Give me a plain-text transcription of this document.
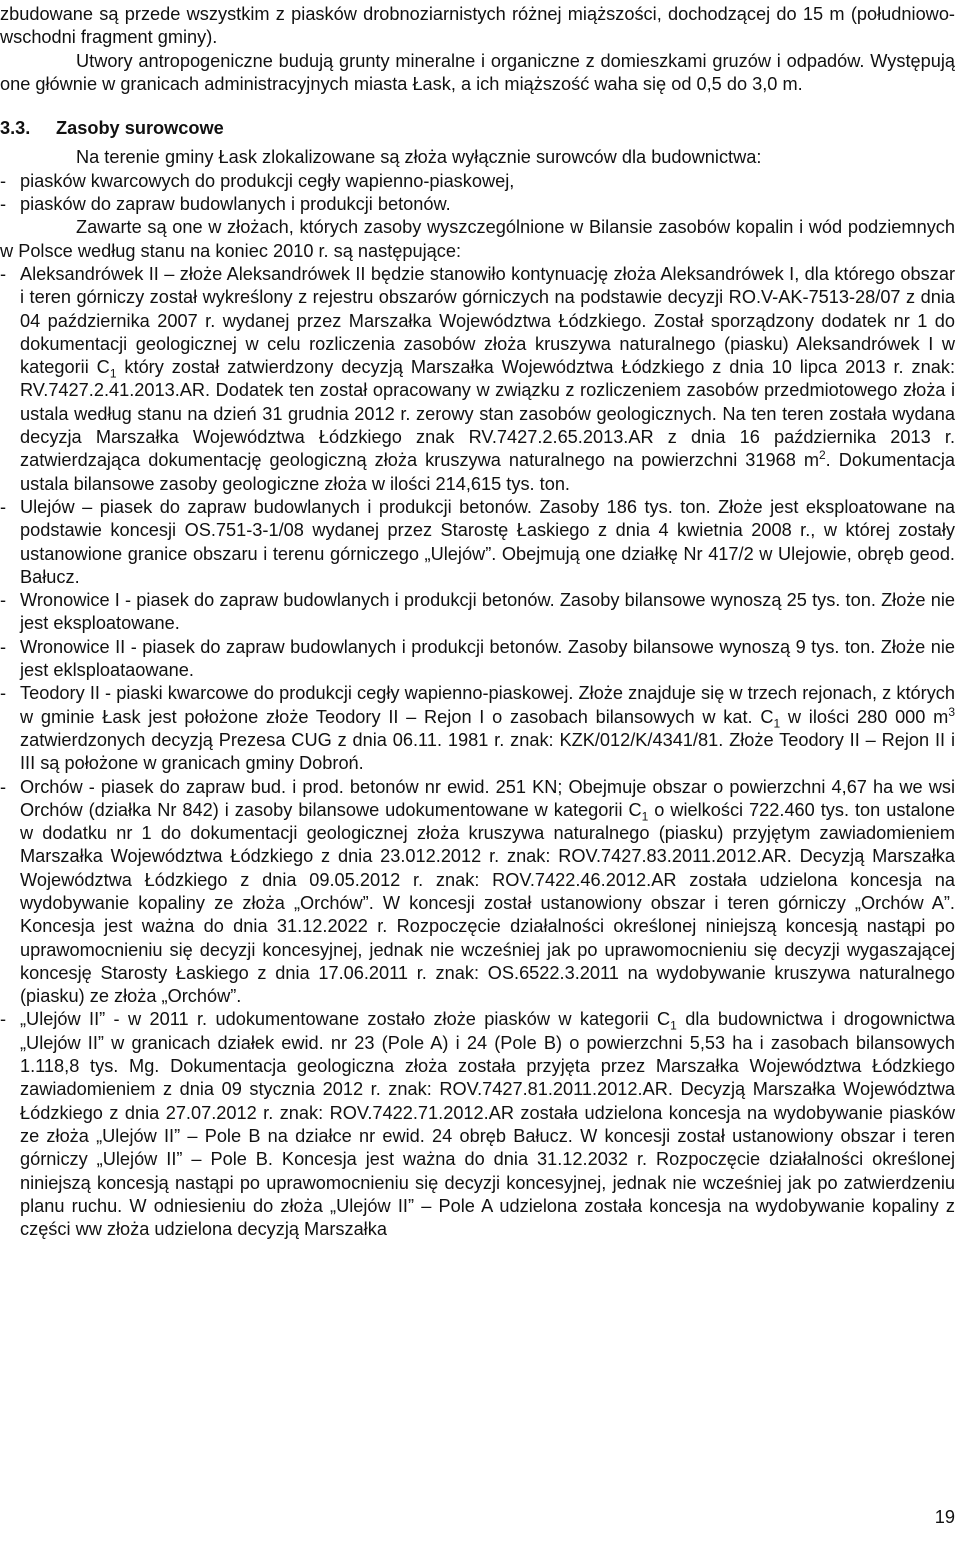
zbudowane są przede wszystkim z piasków drobnoziarnistych różnej miąższości, dochodzącej do 15 m (południowo-wschodni fragment gminy).

Utwory antropogeniczne budują grunty mineralne i organiczne z domieszkami gruzów i odpadów. Występują one głównie w granicach administracyjnych miasta Łask, a ich miąższość waha się od 0,5 do 3,0 m.

3.3. Zasoby surowcowe

Na terenie gminy Łask zlokalizowane są złoża wyłącznie surowców dla budownictwa:

- piasków kwarcowych do produkcji cegły wapienno-piaskowej,

- piasków do zapraw budowlanych i produkcji betonów.

Zawarte są one w złożach, których zasoby wyszczególnione w Bilansie zasobów kopalin i wód podziemnych w Polsce według stanu na koniec 2010 r. są następujące:

- Aleksandrówek II – złoże Aleksandrówek II będzie stanowiło kontynuację złoża Aleksandrówek I, dla którego obszar i teren górniczy został wykreślony z rejestru obszarów górniczych na podstawie decyzji RO.V-AK-7513-28/07 z dnia 04 października 2007 r. wydanej przez Marszałka Województwa Łódzkiego. Został sporządzony dodatek nr 1 do dokumentacji geologicznej w celu rozliczenia zasobów złoża kruszywa naturalnego (piasku) Aleksandrówek I w kategorii $C_1$ który został zatwierdzony decyzją Marszałka Województwa Łódzkiego z dnia 10 lipca 2013 r. znak: RV.7427.2.41.2013.AR. Dodatek ten został opracowany w związku z rozliczeniem zasobów przedmiotowego złoża i ustala według stanu na dzień 31 grudnia 2012 r. zerowy stan zasobów geologicznych. Na ten teren została wydana decyzja Marszałka Województwa Łódzkiego znak RV.7427.2.65.2013.AR z dnia 16 października 2013 r. zatwierdzająca dokumentację geologiczną złoża kruszywa naturalnego na powierzchni 31968 $m^2$. Dokumentacja ustala bilansowe zasoby geologiczne złoża w ilości 214,615 tys. ton.

- Ulejów – piasek do zapraw budowlanych i produkcji betonów. Zasoby 186 tys. ton. Złoże jest eksploatowane na podstawie koncesji OS.751-3-1/08 wydanej przez Starostę Łaskiego z dnia 4 kwietnia 2008 r., w której zostały ustanowione granice obszaru i terenu górniczego „Ulejów”. Obejmują one działkę Nr 417/2 w Ulejowie, obręb geod. Bałucz.

- Wronowice I - piasek do zapraw budowlanych i produkcji betonów. Zasoby bilansowe wynoszą 25 tys. ton. Złoże nie jest eksploatowane.

- Wronowice II - piasek do zapraw budowlanych i produkcji betonów. Zasoby bilansowe wynoszą 9 tys. ton. Złoże nie jest eklsploataowane.

- Teodory II - piaski kwarcowe do produkcji cegły wapienno-piaskowej. Złoże znajduje się w trzech rejonach, z których w gminie Łask jest położone złoże Teodory II – Rejon I o zasobach bilansowych w kat. $C_1$ w ilości 280 000 $m^3$ zatwierdzonych decyzją Prezesa CUG z dnia 06.11. 1981 r. znak: KZK/012/K/4341/81. Złoże Teodory II – Rejon II i III są położone w granicach gminy Dobroń.

- Orchów - piasek do zapraw bud. i prod. betonów nr ewid. 251 KN; Obejmuje obszar o powierzchni 4,67 ha we wsi Orchów (działka Nr 842) i zasoby bilansowe udokumentowane w kategorii $C_1$ o wielkości 722.460 tys. ton ustalone w dodatku nr 1 do dokumentacji geologicznej złoża kruszywa naturalnego (piasku) przyjętym zawiadomieniem Marszałka Województwa Łódzkiego z dnia 23.012.2012 r. znak: ROV.7427.83.2011.2012.AR. Decyzją Marszałka Województwa Łódzkiego z dnia 09.05.2012 r. znak: ROV.7422.46.2012.AR została udzielona koncesja na wydobywanie kopaliny ze złoża „Orchów”. W koncesji został ustanowiony obszar i teren górniczy „Orchów A”. Koncesja jest ważna do dnia 31.12.2022 r. Rozpoczęcie działalności określonej niniejszą koncesją nastąpi po uprawomocnieniu się decyzji koncesyjnej, jednak nie wcześniej jak po uprawomocnieniu się decyzji wygaszającej koncesję Starosty Łaskiego z dnia 17.06.2011 r. znak: OS.6522.3.2011 na wydobywanie kruszywa naturalnego (piasku) ze złoża „Orchów”.

- „Ulejów II” - w 2011 r. udokumentowane zostało złoże piasków w kategorii $C_1$ dla budownictwa i drogownictwa „Ulejów II” w granicach działek ewid. nr 23 (Pole A) i 24 (Pole B) o powierzchni 5,53 ha i zasobach bilansowych 1.118,8 tys. Mg. Dokumentacja geologiczna złoża została przyjęta przez Marszałka Województwa Łódzkiego zawiadomieniem z dnia 09 stycznia 2012 r. znak: ROV.7427.81.2011.2012.AR. Decyzją Marszałka Województwa Łódzkiego z dnia 27.07.2012 r. znak: ROV.7422.71.2012.AR została udzielona koncesja na wydobywanie piasków ze złoża „Ulejów II” – Pole B na działce nr ewid. 24 obręb Bałucz. W koncesji został ustanowiony obszar i teren górniczy „Ulejów II” – Pole B. Koncesja jest ważna do dnia 31.12.2032 r. Rozpoczęcie działalności określonej niniejszą koncesją nastąpi po uprawomocnieniu się decyzji koncesyjnej, jednak nie wcześniej jak po zatwierdzeniu planu ruchu. W odniesieniu do złoża „Ulejów II” – Pole A udzielona została koncesja na wydobywanie kopaliny z części ww złoża udzielona decyzją Marszałka

19
